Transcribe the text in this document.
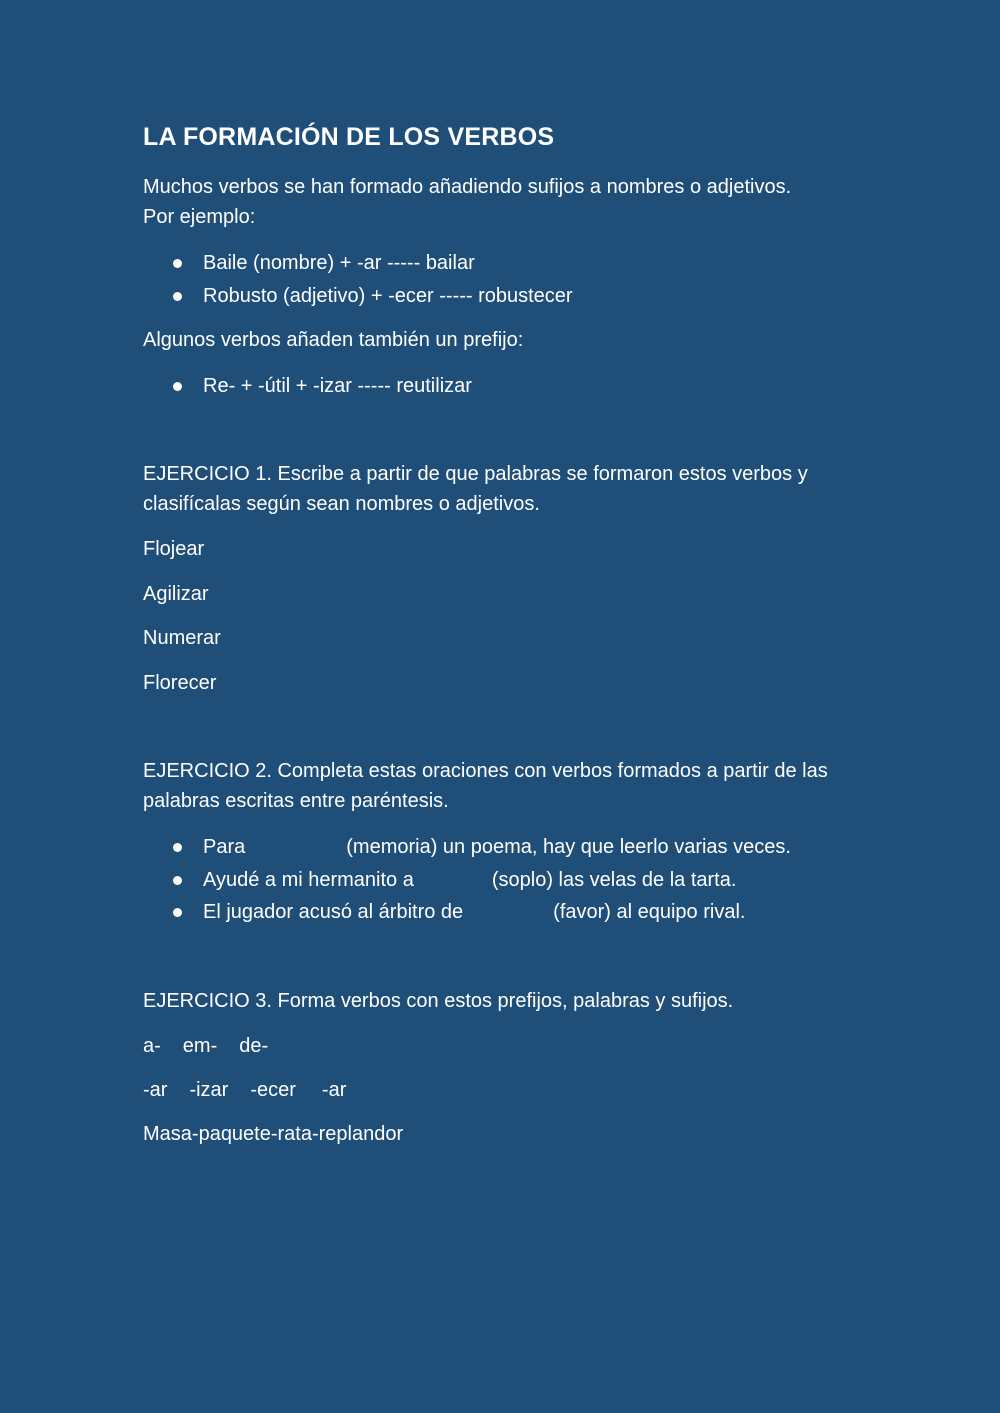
LA FORMACIÓN DE LOS VERBOS

Muchos verbos se han formado añadiendo sufijos a nombres o adjetivos.

Por ejemplo:

Baile (nombre) + -ar ----- bailar

Robusto (adjetivo) + -ecer ----- robustecer

Algunos verbos añaden también un prefijo:

Re- + -útil + -izar ----- reutilizar

EJERCICIO 1. Escribe a partir de que palabras se formaron estos verbos y

clasifícalas según sean nombres o adjetivos.

Flojear

Agilizar

Numerar

Florecer

EJERCICIO 2. Completa estas oraciones con verbos formados a partir de las

palabras escritas entre paréntesis.

Para	(memoria) un poema, hay que leerlo varias veces.

Ayudé a mi hermanito a	(soplo) las velas de la tarta.

El jugador acusó al árbitro de	(favor) al equipo rival.

EJERCICIO 3. Forma verbos con estos prefijos, palabras y sufijos.

a- em- de-

-ar -izar -ecer -ar

Masa-paquete-rata-replandor
